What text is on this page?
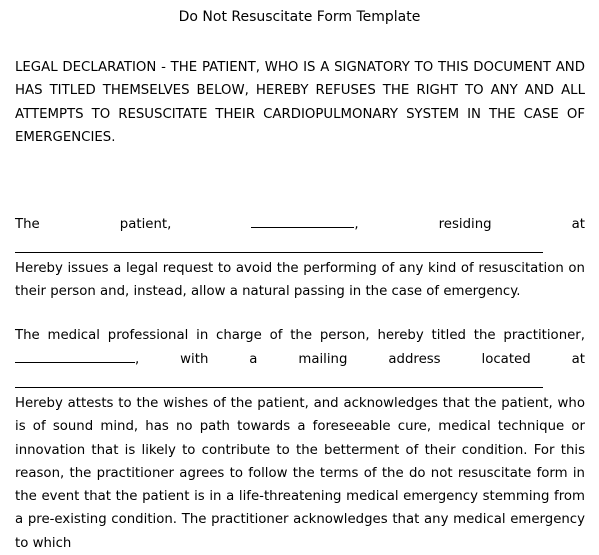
Do Not Resuscitate Form Template
LEGAL DECLARATION - THE PATIENT, WHO IS A SIGNATORY TO THIS DOCUMENT AND HAS TITLED THEMSELVES BELOW, HEREBY REFUSES THE RIGHT TO ANY AND ALL ATTEMPTS TO RESUSCITATE THEIR CARDIOPULMONARY SYSTEM IN THE CASE OF EMERGENCIES.
The	patient,	,	residing	at
Hereby issues a legal request to avoid the performing of any kind of resuscitation on their person and, instead, allow a natural passing in the case of emergency.
The medical professional in charge of the person, hereby titled the practitioner,
,	with	a	mailing	address	located	at
Hereby attests to the wishes of the patient, and acknowledges that the patient, who is of sound mind, has no path towards a foreseeable cure, medical technique or innovation that is likely to contribute to the betterment of their condition. For this reason, the practitioner agrees to follow the terms of the do not resuscitate form in the event that the patient is in a life-threatening medical emergency stemming from a pre-existing condition. The practitioner acknowledges that any medical emergency to which
